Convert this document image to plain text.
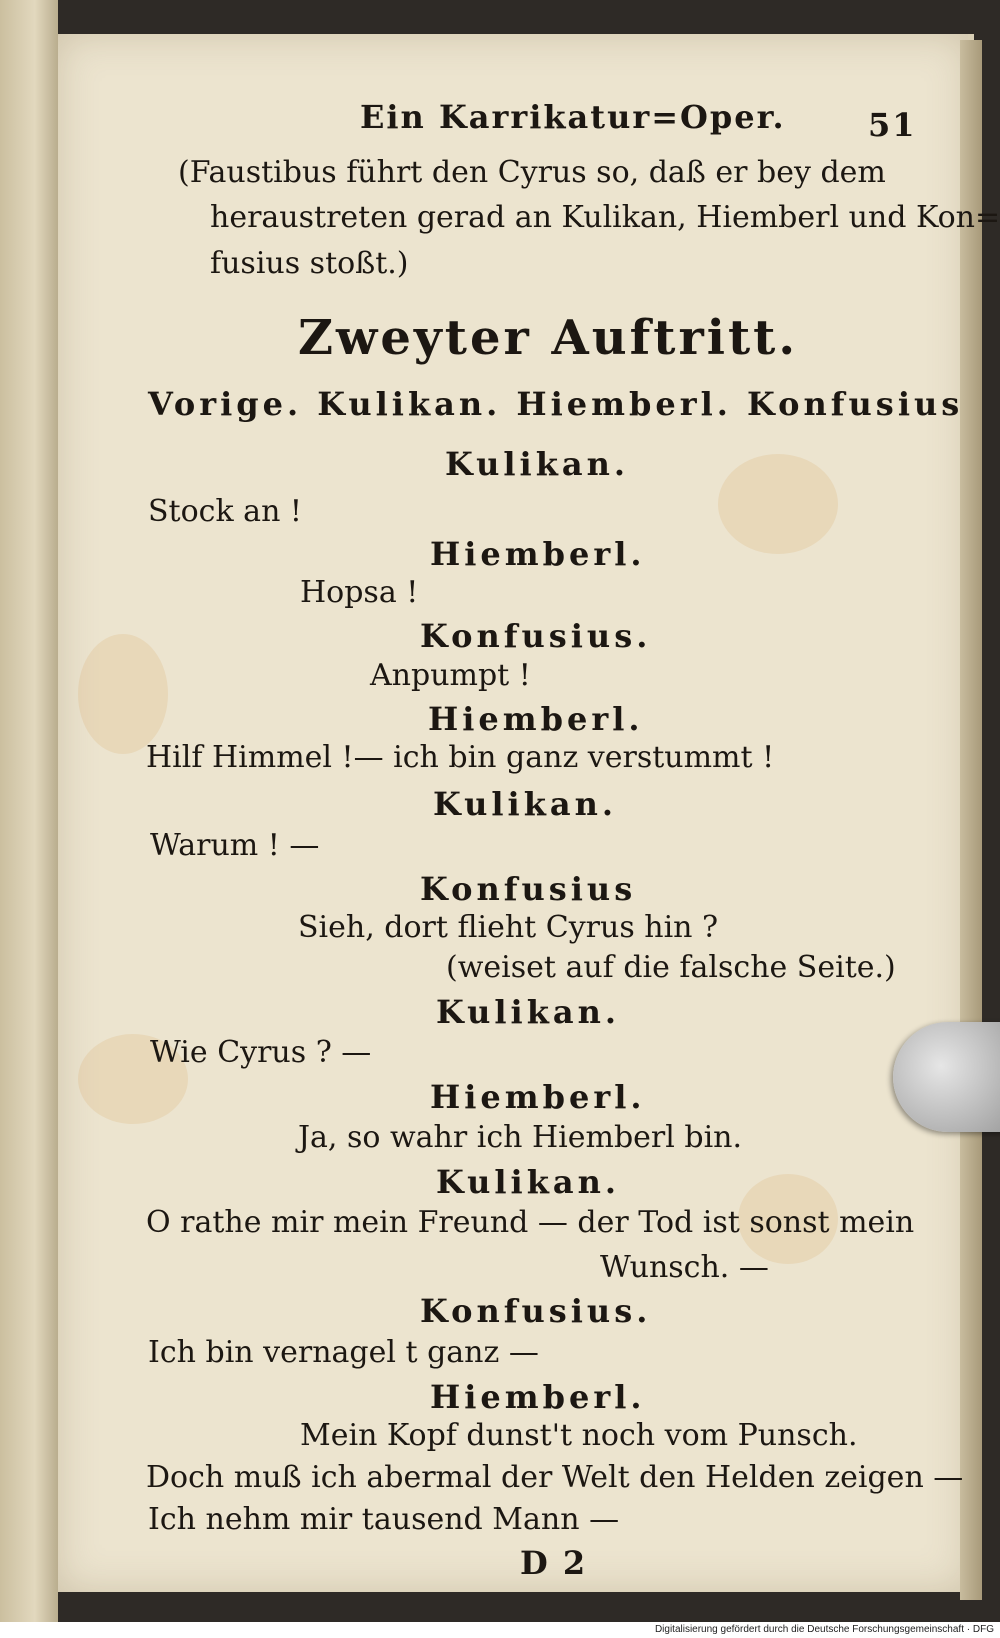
Ein Karrikatur=Oper.	51
(Faustibus führt den Cyrus so, daß er bey dem
heraustreten gerad an Kulikan, Hiemberl und Kon=
fusius stoßt.)
Zweyter Auftritt.
Vorige. Kulikan. Hiemberl. Konfusius
Kulikan.
Stock an !
Hiemberl.
Hopsa !
Konfusius.
Anpumpt !
Hiemberl.
Hilf Himmel !— ich bin ganz verstummt !
Kulikan.
Warum ! —
Konfusius
Sieh, dort flieht Cyrus hin ?
(weiset auf die falsche Seite.)
Kulikan.
Wie Cyrus ? —
Hiemberl.
Ja, so wahr ich Hiemberl bin.
Kulikan.
O rathe mir mein Freund — der Tod ist sonst mein
Wunsch. —
Konfusius.
Ich bin vernagel t ganz —
Hiemberl.
Mein Kopf dunst't noch vom Punsch.
Doch muß ich abermal der Welt den Helden zeigen —
Ich nehm mir tausend Mann —
D 2
Digitalisierung gefördert durch die Deutsche Forschungsgemeinschaft · DFG
